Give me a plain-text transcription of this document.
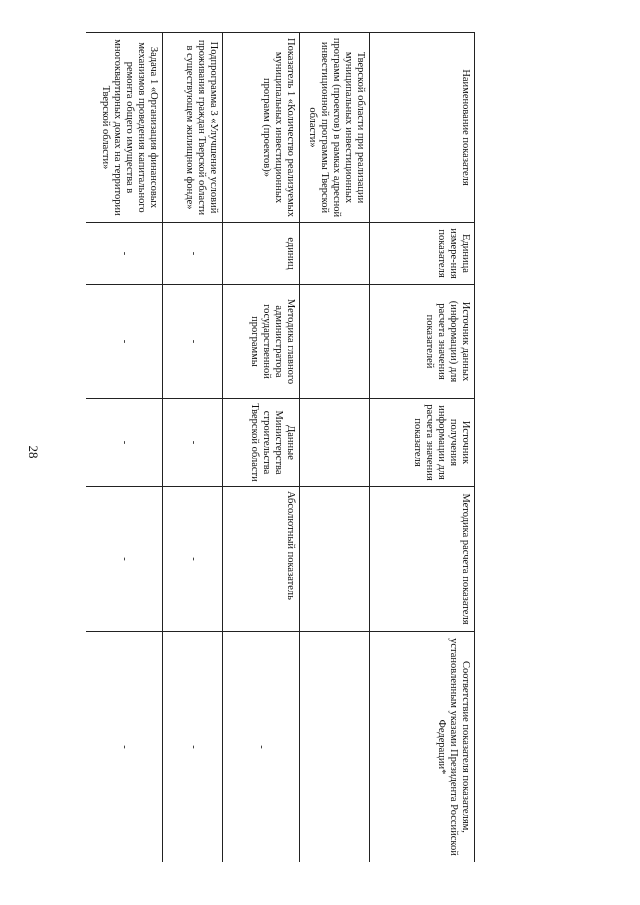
28
Наименование показателя	Единица измере-ния показателя	Источник данных (информации) для расчета значения показателей	Источник получения информации для расчета значения показателя	Методика расчета показателя	Соответствие показателя показателям, установленным указами Президента Российской Федерации*
Тверской области при реализации муниципальных инвестиционных программ (проектов) в рамках адресной инвестиционной программы Тверской области»					
Показатель 1 «Количество реализуемых муниципальных инвестиционных программ (проектов)»	единиц	Методика главного администратора государственной программы	Данные Министерства строительства Тверской области	Абсолютный показатель	-
Подпрограмма 3 «Улучшение условий проживания граждан Тверской области в существующем жилищном фонде»	-	-	-	-	-
Задача 1 «Организация финансовых механизмов проведения капитального ремонта общего имущества в многоквартирных домах на территории Тверской области»	-	-	-	-	-
